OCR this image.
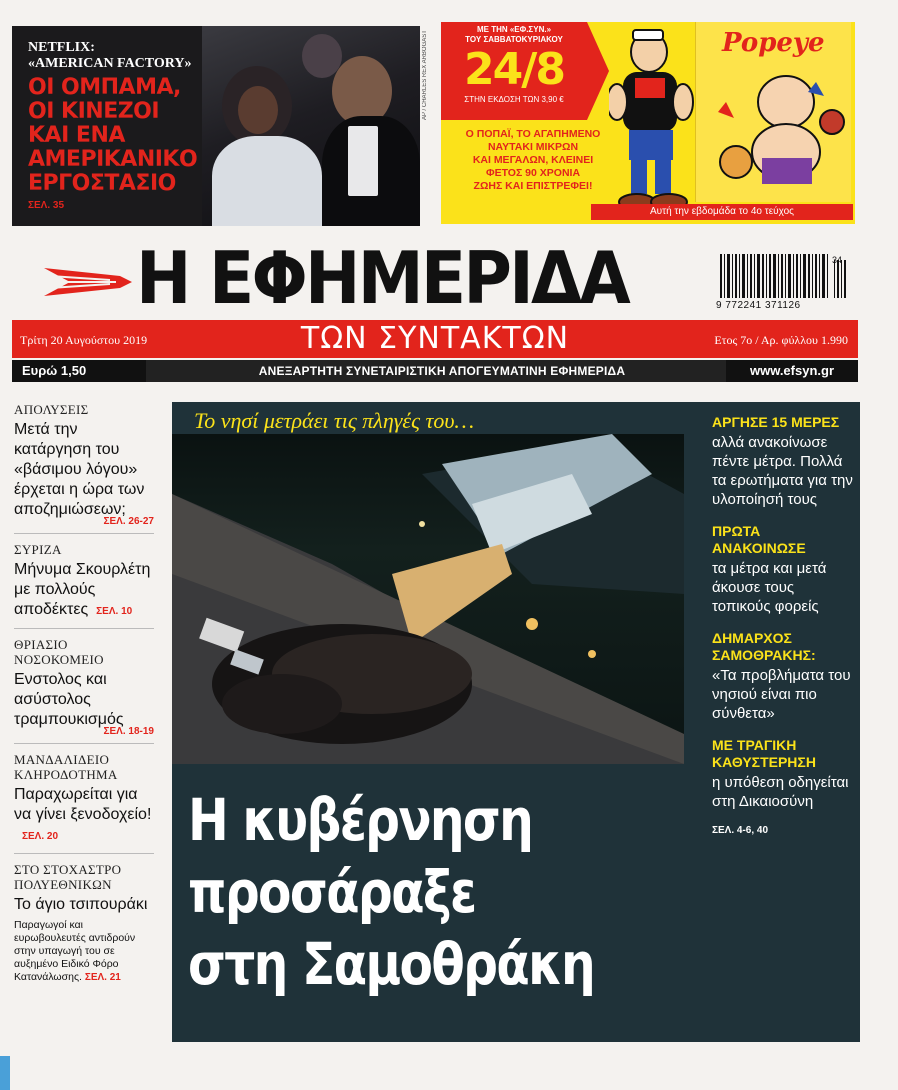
NETFLIX:
«AMERICAN FACTORY»
ΟΙ ΟΜΠΑΜΑ,
ΟΙ ΚΙΝΕΖΟΙ
ΚΑΙ ΕΝΑ
ΑΜΕΡΙΚΑΝΙΚΟ
ΕΡΓΟΣΤΑΣΙΟ
ΣΕΛ. 35
AP / CHARLES REX ARBOGAST
ΜΕ ΤΗΝ «ΕΦ.ΣΥΝ.»
ΤΟΥ ΣΑΒΒΑΤΟΚΥΡΙΑΚΟΥ
24/8
ΣΤΗΝ ΕΚΔΟΣΗ ΤΩΝ 3,90 €
Ο ΠΟΠΑΪ, ΤΟ ΑΓΑΠΗΜΕΝΟ
ΝΑΥΤΑΚΙ ΜΙΚΡΩΝ
ΚΑΙ ΜΕΓΑΛΩΝ, ΚΛΕΙΝΕΙ
ΦΕΤΟΣ 90 ΧΡΟΝΙΑ
ΖΩΗΣ ΚΑΙ ΕΠΙΣΤΡΕΦΕΙ!
Popeye
Αυτή την εβδομάδα το 4ο τεύχος
Η ΕΦΗΜΕΡΙΔΑ	9 772241 371126
34
Τρίτη 20 Αυγούστου 2019	ΤΩΝ ΣΥΝΤΑΚΤΩΝ	Ετος 7ο / Αρ. φύλλου 1.990
Ευρώ 1,50	ΑΝΕΞΑΡΤΗΤΗ ΣΥΝΕΤΑΙΡΙΣΤΙΚΗ ΑΠΟΓΕΥΜΑΤΙΝΗ ΕΦΗΜΕΡΙΔΑ	www.efsyn.gr
ΑΠΟΛΥΣΕΙΣ
Μετά την κατάργηση του «βάσιμου λόγου» έρχεται η ώρα των αποζημιώσεων;
ΣΕΛ. 26-27
ΣΥΡΙΖΑ
Μήνυμα Σκουρλέτη με πολλούς αποδέκτες ΣΕΛ. 10
ΘΡΙΑΣΙΟ ΝΟΣΟΚΟΜΕΙΟ
Ενστολος και ασύστολος τραμπουκισμός
ΣΕΛ. 18-19
ΜΑΝΔΑΛΙΔΕΙΟ ΚΛΗΡΟΔΟΤΗΜΑ
Παραχωρείται για να γίνει ξενοδοχείο!ΣΕΛ. 20
ΣΤΟ ΣΤΟΧΑΣΤΡΟ ΠΟΛΥΕΘΝΙΚΩΝ
Το άγιο τσιπουράκι
Παραγωγοί και ευρωβουλευτές αντιδρούν στην υπαγωγή του σε αυξημένο Ειδικό Φόρο Κατανάλωσης. ΣΕΛ. 21
Το νησί μετράει τις πληγές του…
Η κυβέρνηση
προσάραξε
στη Σαμοθράκη
ΑΡΓΗΣΕ 15 ΜΕΡΕΣ
αλλά ανακοίνωσε πέντε μέτρα. Πολλά τα ερωτήματα για την υλοποίησή τους
ΠΡΩΤΑ ΑΝΑΚΟΙΝΩΣΕ
τα μέτρα και μετά άκουσε τους τοπικούς φορείς
ΔΗΜΑΡΧΟΣ ΣΑΜΟΘΡΑΚΗΣ:
«Τα προβλήματα του νησιού είναι πιο σύνθετα»
ΜΕ ΤΡΑΓΙΚΗ ΚΑΘΥΣΤΕΡΗΣΗ
η υπόθεση οδηγείται στη Δικαιοσύνη
ΣΕΛ. 4-6, 40
